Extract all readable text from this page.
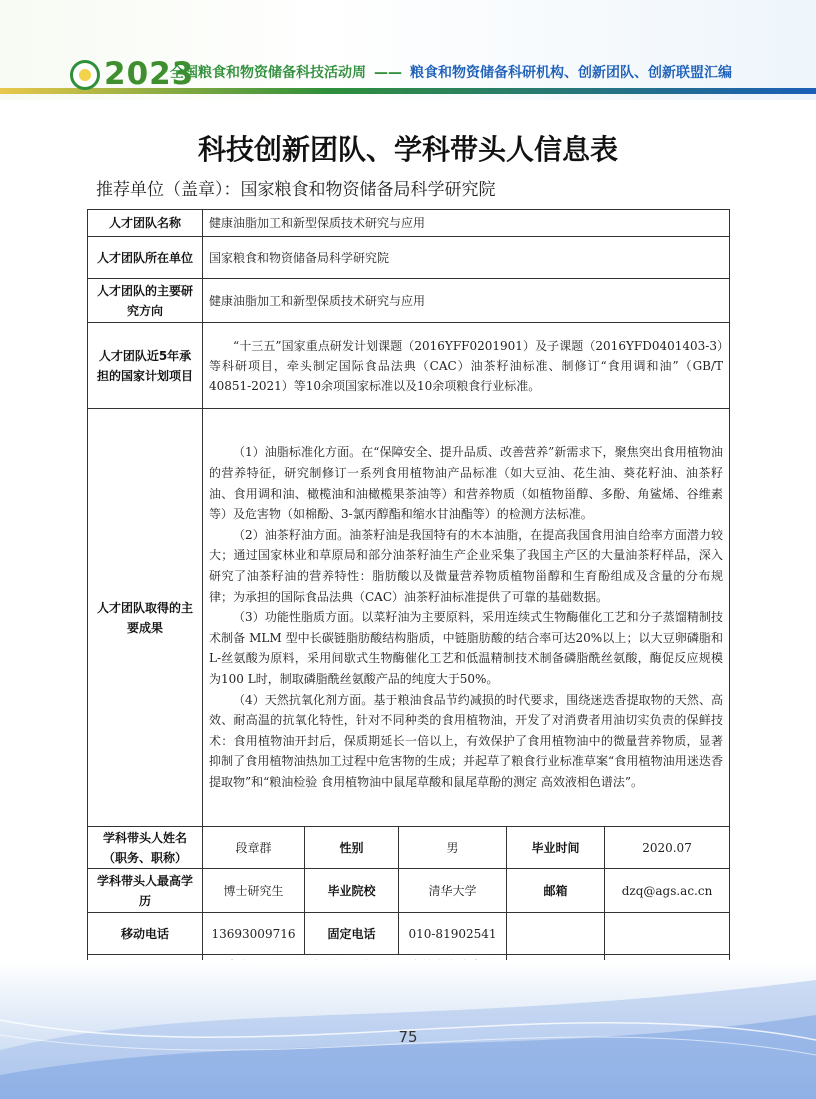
2023
全国粮食和物资储备科技活动周 —— 粮食和物资储备科研机构、创新团队、创新联盟汇编
科技创新团队、学科带头人信息表
推荐单位（盖章）：国家粮食和物资储备局科学研究院
人才团队名称	健康油脂加工和新型保质技术研究与应用				
人才团队所在单位	国家粮食和物资储备局科学研究院				
人才团队的主要研究方向	健康油脂加工和新型保质技术研究与应用				
人才团队近5年承担的国家计划项目	“十三五”国家重点研发计划课题（2016YFF0201901）及子课题（2016YFD0401403-3）等科研项目，牵头制定国际食品法典（CAC）油茶籽油标准、制修订“食用调和油”（GB/T 40851-2021）等10余项国家标准以及10余项粮食行业标准。				

人才团队取得的主要成果	（1）油脂标准化方面。在“保障安全、提升品质、改善营养”新需求下，聚焦突出食用植物油的营养特征，研究制修订一系列食用植物油产品标准（如大豆油、花生油、葵花籽油、油茶籽油、食用调和油、橄榄油和油橄榄果茶油等）和营养物质（如植物甾醇、多酚、角鲨烯、谷维素等）及危害物（如棉酚、3-氯丙醇酯和缩水甘油酯等）的检测方法标准。

（2）油茶籽油方面。油茶籽油是我国特有的木本油脂，在提高我国食用油自给率方面潜力较大；通过国家林业和草原局和部分油茶籽油生产企业采集了我国主产区的大量油茶籽样品，深入研究了油茶籽油的营养特性：脂肪酸以及微量营养物质植物甾醇和生育酚组成及含量的分布规律；为承担的国际食品法典（CAC）油茶籽油标准提供了可靠的基础数据。

（3）功能性脂质方面。以菜籽油为主要原料，采用连续式生物酶催化工艺和分子蒸馏精制技术制备 MLM 型中长碳链脂肪酸结构脂质，中链脂肪酸的结合率可达20%以上；以大豆卵磷脂和L-丝氨酸为原料，采用间歇式生物酶催化工艺和低温精制技术制备磷脂酰丝氨酸，酶促反应规模为100 L时，制取磷脂酰丝氨酸产品的纯度大于50%。

（4）天然抗氧化剂方面。基于粮油食品节约减损的时代要求，围绕迷迭香提取物的天然、高效、耐高温的抗氧化特性，针对不同种类的食用植物油，开发了对消费者用油切实负责的保鲜技术：食用植物油开封后，保质期延长一倍以上，有效保护了食用植物油中的微量营养物质，显著抑制了食用植物油热加工过程中危害物的生成；并起草了粮食行业标准草案“食用植物油用迷迭香提取物”和“粮油检验 食用植物油中鼠尾草酸和鼠尾草酚的测定 高效液相色谱法”。				

学科带头人姓名（职务、职称）	段章群	性别	男	毕业时间	2020.07
学科带头人最高学历	博士研究生	毕业院校	清华大学	邮箱	dzq@ags.ac.cn
移动电话	13693009716	固定电话	010-81902541		

75
